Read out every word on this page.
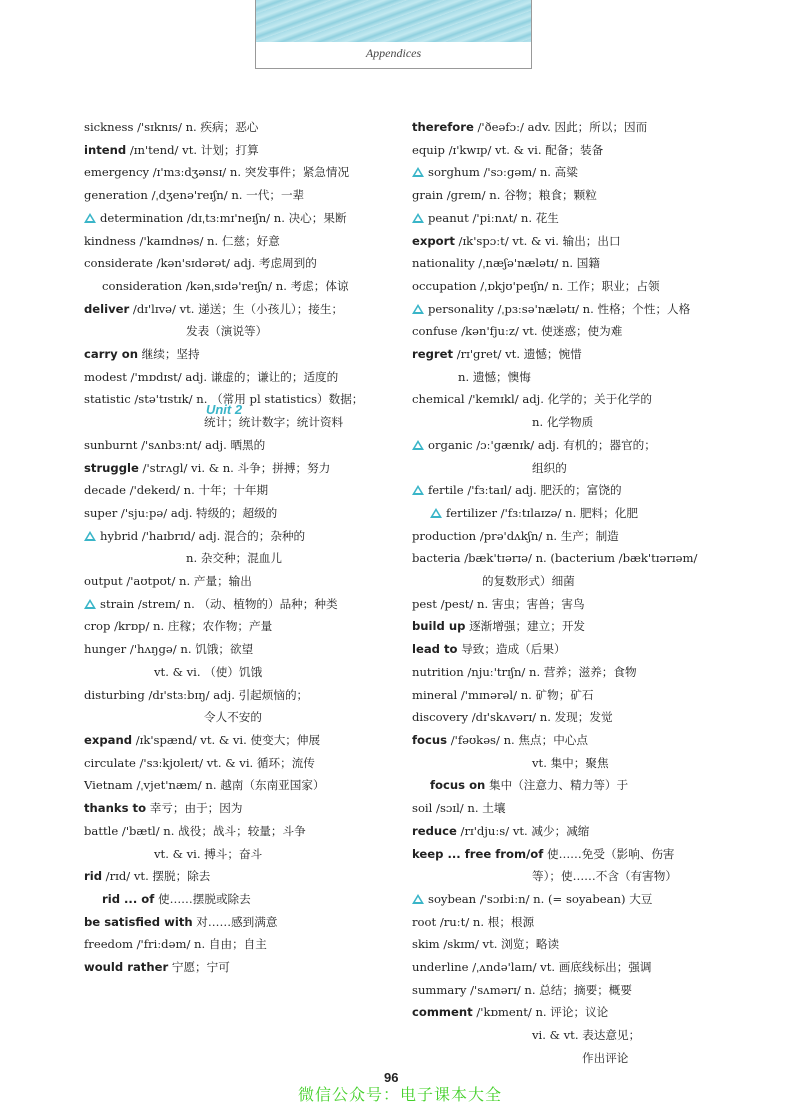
Appendices
sickness /'sɪknɪs/ n. 疾病；恶心
intend /ɪn'tend/ vt. 计划；打算
emergency /ɪ'mɜːdʒənsɪ/ n. 突发事件；紧急情况
generation /ˌdʒenə'reɪʃn/ n. 一代；一辈
determination /dɪˌtɜːmɪ'neɪʃn/ n. 决心；果断
kindness /'kaɪndnəs/ n. 仁慈；好意
considerate /kən'sɪdərət/ adj. 考虑周到的
consideration /kənˌsɪdə'reɪʃn/ n. 考虑；体谅
deliver /dɪ'lɪvə/ vt. 递送；生（小孩儿）；接生；
发表（演说等）
carry on 继续；坚持
modest /'mɒdɪst/ adj. 谦虚的；谦让的；适度的
statistic /stə'tɪstɪk/ n. （常用 pl statistics）数据；
统计；统计数字；统计资料
sunburnt /'sʌnbɜːnt/ adj. 晒黑的
struggle /'strʌgl/ vi. & n. 斗争；拼搏；努力
decade /'dekeɪd/ n. 十年；十年期
super /'sjuːpə/ adj. 特级的；超级的
hybrid /'haɪbrɪd/ adj. 混合的；杂种的
n. 杂交种；混血儿
output /'aʊtpʊt/ n. 产量；输出
strain /streɪn/ n. （动、植物的）品种；种类
crop /krɒp/ n. 庄稼；农作物；产量
hunger /'hʌŋgə/ n. 饥饿；欲望
vt. & vi. （使）饥饿
disturbing /dɪ'stɜːbɪŋ/ adj. 引起烦恼的；
令人不安的
expand /ɪk'spænd/ vt. & vi. 使变大；伸展
circulate /'sɜːkjʊleɪt/ vt. & vi. 循环；流传
Vietnam /ˌvjet'næm/ n. 越南（东南亚国家）
thanks to 幸亏；由于；因为
battle /'bætl/ n. 战役；战斗；较量；斗争
vt. & vi. 搏斗；奋斗
rid /rɪd/ vt. 摆脱；除去
rid ... of 使……摆脱或除去
be satisfied with 对……感到满意
freedom /'friːdəm/ n. 自由；自主
would rather 宁愿；宁可
Unit 2
therefore /'ðeəfɔː/ adv. 因此；所以；因而
equip /ɪ'kwɪp/ vt. & vi. 配备；装备
sorghum /'sɔːgəm/ n. 高粱
grain /greɪn/ n. 谷物；粮食；颗粒
peanut /'piːnʌt/ n. 花生
export /ɪk'spɔːt/ vt. & vi. 输出；出口
nationality /ˌnæʃə'nælətɪ/ n. 国籍
occupation /ˌɒkjʊ'peɪʃn/ n. 工作；职业；占领
personality /ˌpɜːsə'nælətɪ/ n. 性格；个性；人格
confuse /kən'fjuːz/ vt. 使迷惑；使为难
regret /rɪ'gret/ vt. 遗憾；惋惜
n. 遗憾；懊悔
chemical /'kemɪkl/ adj. 化学的；关于化学的
n. 化学物质
organic /ɔː'gænɪk/ adj. 有机的；器官的；
组织的
fertile /'fɜːtaɪl/ adj. 肥沃的；富饶的
fertilizer /'fɜːtɪlaɪzə/ n. 肥料；化肥
production /prə'dʌkʃn/ n. 生产；制造
bacteria /bæk'tɪərɪə/ n. (bacterium /bæk'tɪərɪəm/
的复数形式）细菌
pest /pest/ n. 害虫；害兽；害鸟
build up 逐渐增强；建立；开发
lead to 导致；造成（后果）
nutrition /njuː'trɪʃn/ n. 营养；滋养；食物
mineral /'mɪnərəl/ n. 矿物；矿石
discovery /dɪ'skʌvərɪ/ n. 发现；发觉
focus /'fəʊkəs/ n. 焦点；中心点
vt. 集中；聚焦
focus on 集中（注意力、精力等）于
soil /sɔɪl/ n. 土壤
reduce /rɪ'djuːs/ vt. 减少；减缩
keep ... free from/of 使……免受（影响、伤害
等）；使……不含（有害物）
soybean /'sɔɪbiːn/ n. (= soyabean) 大豆
root /ruːt/ n. 根；根源
skim /skɪm/ vt. 浏览；略读
underline /ˌʌndə'laɪn/ vt. 画底线标出；强调
summary /'sʌmərɪ/ n. 总结；摘要；概要
comment /'kɒment/ n. 评论；议论
vi. & vt. 表达意见；
作出评论
96
微信公众号：电子课本大全
